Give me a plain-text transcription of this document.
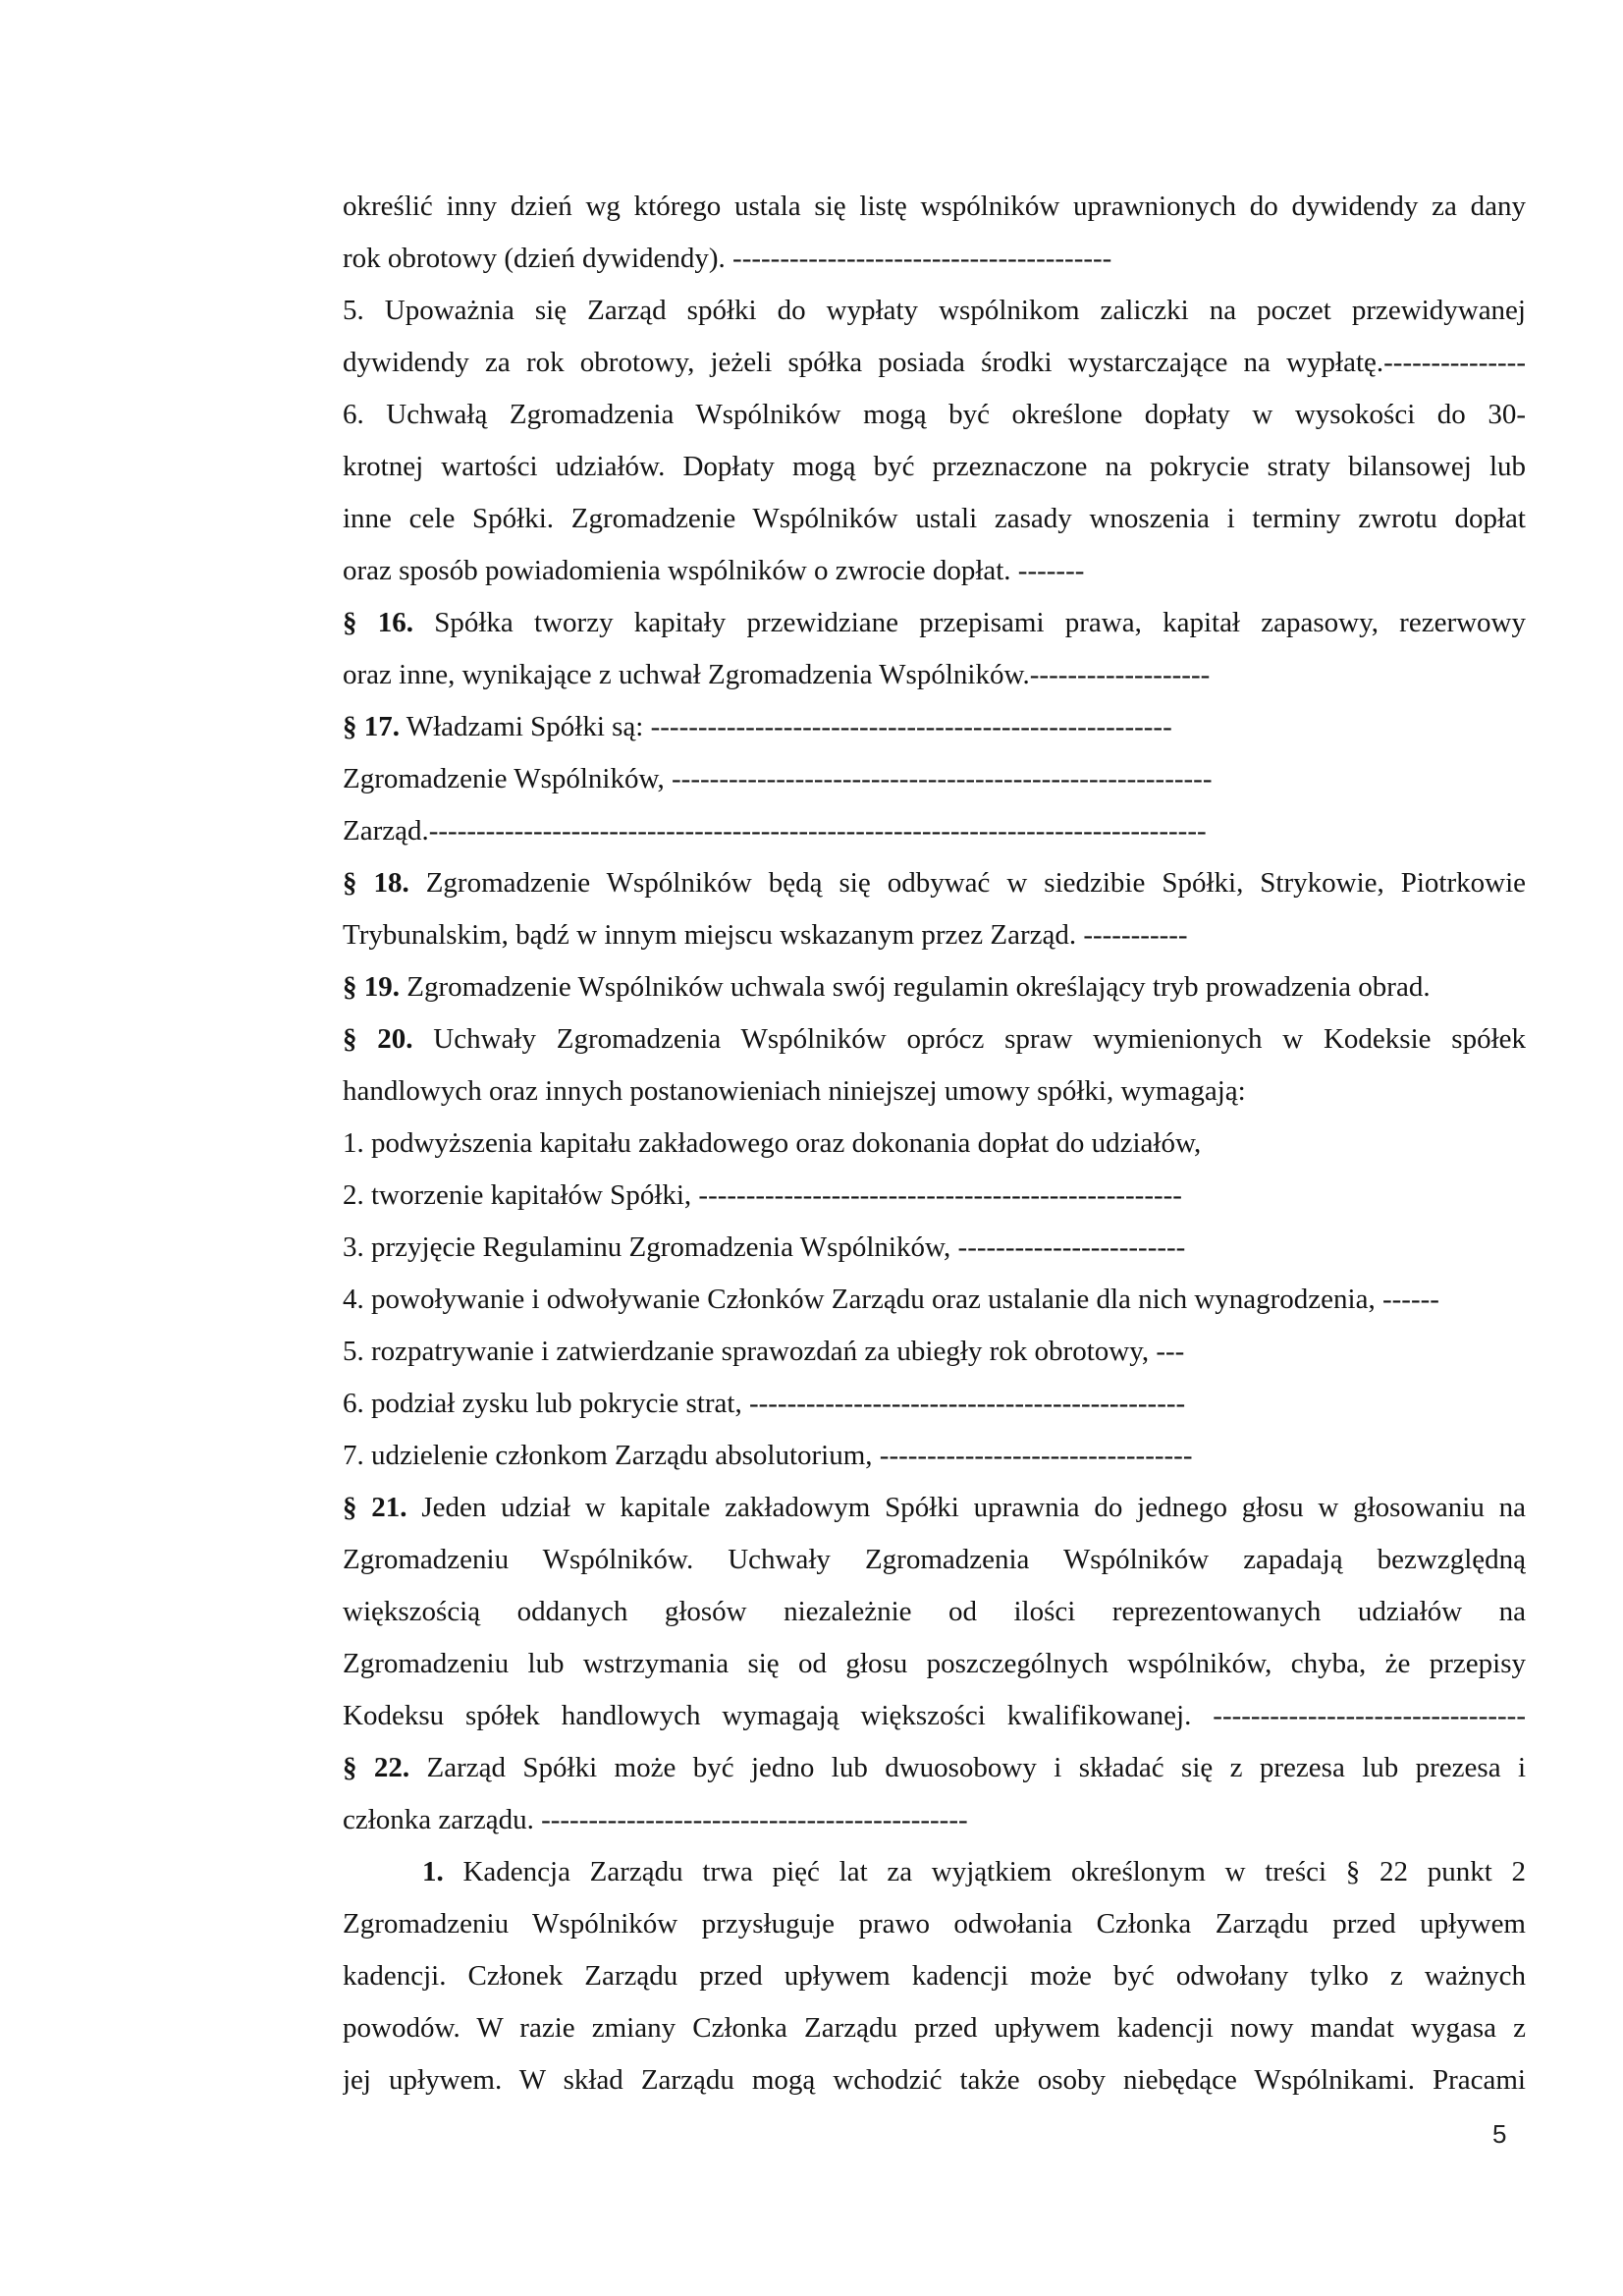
określić inny dzień wg którego ustala się listę wspólników uprawnionych do dywidendy za dany
rok obrotowy (dzień dywidendy). ----------------------------------------
5. Upoważnia się Zarząd spółki do wypłaty wspólnikom zaliczki na poczet przewidywanej
dywidendy za rok obrotowy, jeżeli spółka posiada środki wystarczające na wypłatę.---------------
6. Uchwałą Zgromadzenia Wspólników mogą być określone dopłaty w wysokości do 30-
krotnej wartości udziałów. Dopłaty mogą być przeznaczone na pokrycie straty bilansowej lub
inne cele Spółki. Zgromadzenie Wspólników ustali zasady wnoszenia i terminy zwrotu dopłat
oraz sposób powiadomienia wspólników o zwrocie dopłat. -------
§ 16. Spółka tworzy kapitały przewidziane przepisami prawa, kapitał zapasowy, rezerwowy
oraz inne, wynikające z uchwał Zgromadzenia Wspólników.-------------------
§ 17. Władzami Spółki są: -------------------------------------------------------
Zgromadzenie Wspólników, ---------------------------------------------------------
Zarząd.----------------------------------------------------------------------------------
§ 18. Zgromadzenie Wspólników będą się odbywać w siedzibie Spółki, Strykowie, Piotrkowie
Trybunalskim, bądź w innym miejscu wskazanym przez Zarząd. -----------
§ 19. Zgromadzenie Wspólników uchwala swój regulamin określający tryb prowadzenia obrad.
§ 20. Uchwały Zgromadzenia Wspólników oprócz spraw wymienionych w Kodeksie spółek
handlowych oraz innych postanowieniach niniejszej umowy spółki, wymagają:
1. podwyższenia kapitału zakładowego oraz dokonania dopłat do udziałów,
2. tworzenie kapitałów Spółki, ---------------------------------------------------
3. przyjęcie Regulaminu Zgromadzenia Wspólników, ------------------------
4. powoływanie i odwoływanie Członków Zarządu oraz ustalanie dla nich wynagrodzenia, ------
5. rozpatrywanie i zatwierdzanie sprawozdań za ubiegły rok obrotowy, ---
6. podział zysku lub pokrycie strat, ----------------------------------------------
7. udzielenie członkom Zarządu absolutorium, ---------------------------------
§ 21. Jeden udział w kapitale zakładowym Spółki uprawnia do jednego głosu w głosowaniu na
Zgromadzeniu Wspólników. Uchwały Zgromadzenia Wspólników zapadają bezwzględną
większością oddanych głosów niezależnie od ilości reprezentowanych udziałów na
Zgromadzeniu lub wstrzymania się od głosu poszczególnych wspólników, chyba, że przepisy
Kodeksu spółek handlowych wymagają większości kwalifikowanej. ---------------------------------
§ 22. Zarząd Spółki może być jedno lub dwuosobowy i składać się z prezesa lub prezesa i
członka zarządu. ---------------------------------------------
1. Kadencja Zarządu trwa pięć lat za wyjątkiem określonym w treści § 22 punkt 2
Zgromadzeniu Wspólników przysługuje prawo odwołania Członka Zarządu przed upływem
kadencji. Członek Zarządu przed upływem kadencji może być odwołany tylko z ważnych
powodów. W razie zmiany Członka Zarządu przed upływem kadencji nowy mandat wygasa z
jej upływem. W skład Zarządu mogą wchodzić także osoby niebędące Wspólnikami. Pracami
5
